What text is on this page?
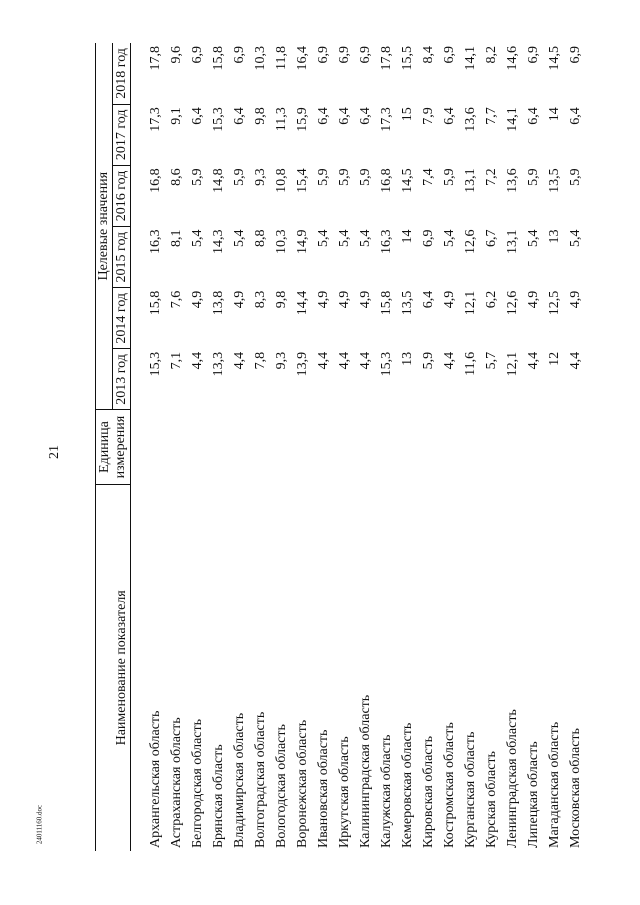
21
Наименование показателя	Единица
измерения	Целевые значения					
		2013 год	2014 год	2015 год	2016 год	2017 год	2018 год
Архангельская область		15,3	15,8	16,3	16,8	17,3	17,8
Астраханская область		7,1	7,6	8,1	8,6	9,1	9,6
Белгородская область		4,4	4,9	5,4	5,9	6,4	6,9
Брянская область		13,3	13,8	14,3	14,8	15,3	15,8
Владимирская область		4,4	4,9	5,4	5,9	6,4	6,9
Волгоградская область		7,8	8,3	8,8	9,3	9,8	10,3
Вологодская область		9,3	9,8	10,3	10,8	11,3	11,8
Воронежская область		13,9	14,4	14,9	15,4	15,9	16,4
Ивановская область		4,4	4,9	5,4	5,9	6,4	6,9
Иркутская область		4,4	4,9	5,4	5,9	6,4	6,9
Калининградская область		4,4	4,9	5,4	5,9	6,4	6,9
Калужская область		15,3	15,8	16,3	16,8	17,3	17,8
Кемеровская область		13	13,5	14	14,5	15	15,5
Кировская область		5,9	6,4	6,9	7,4	7,9	8,4
Костромская область		4,4	4,9	5,4	5,9	6,4	6,9
Курганская область		11,6	12,1	12,6	13,1	13,6	14,1
Курская область		5,7	6,2	6,7	7,2	7,7	8,2
Ленинградская область		12,1	12,6	13,1	13,6	14,1	14,6
Липецкая область		4,4	4,9	5,4	5,9	6,4	6,9
Магаданская область		12	12,5	13	13,5	14	14,5
Московская область		4,4	4,9	5,4	5,9	6,4	6,9
24011160.doc
